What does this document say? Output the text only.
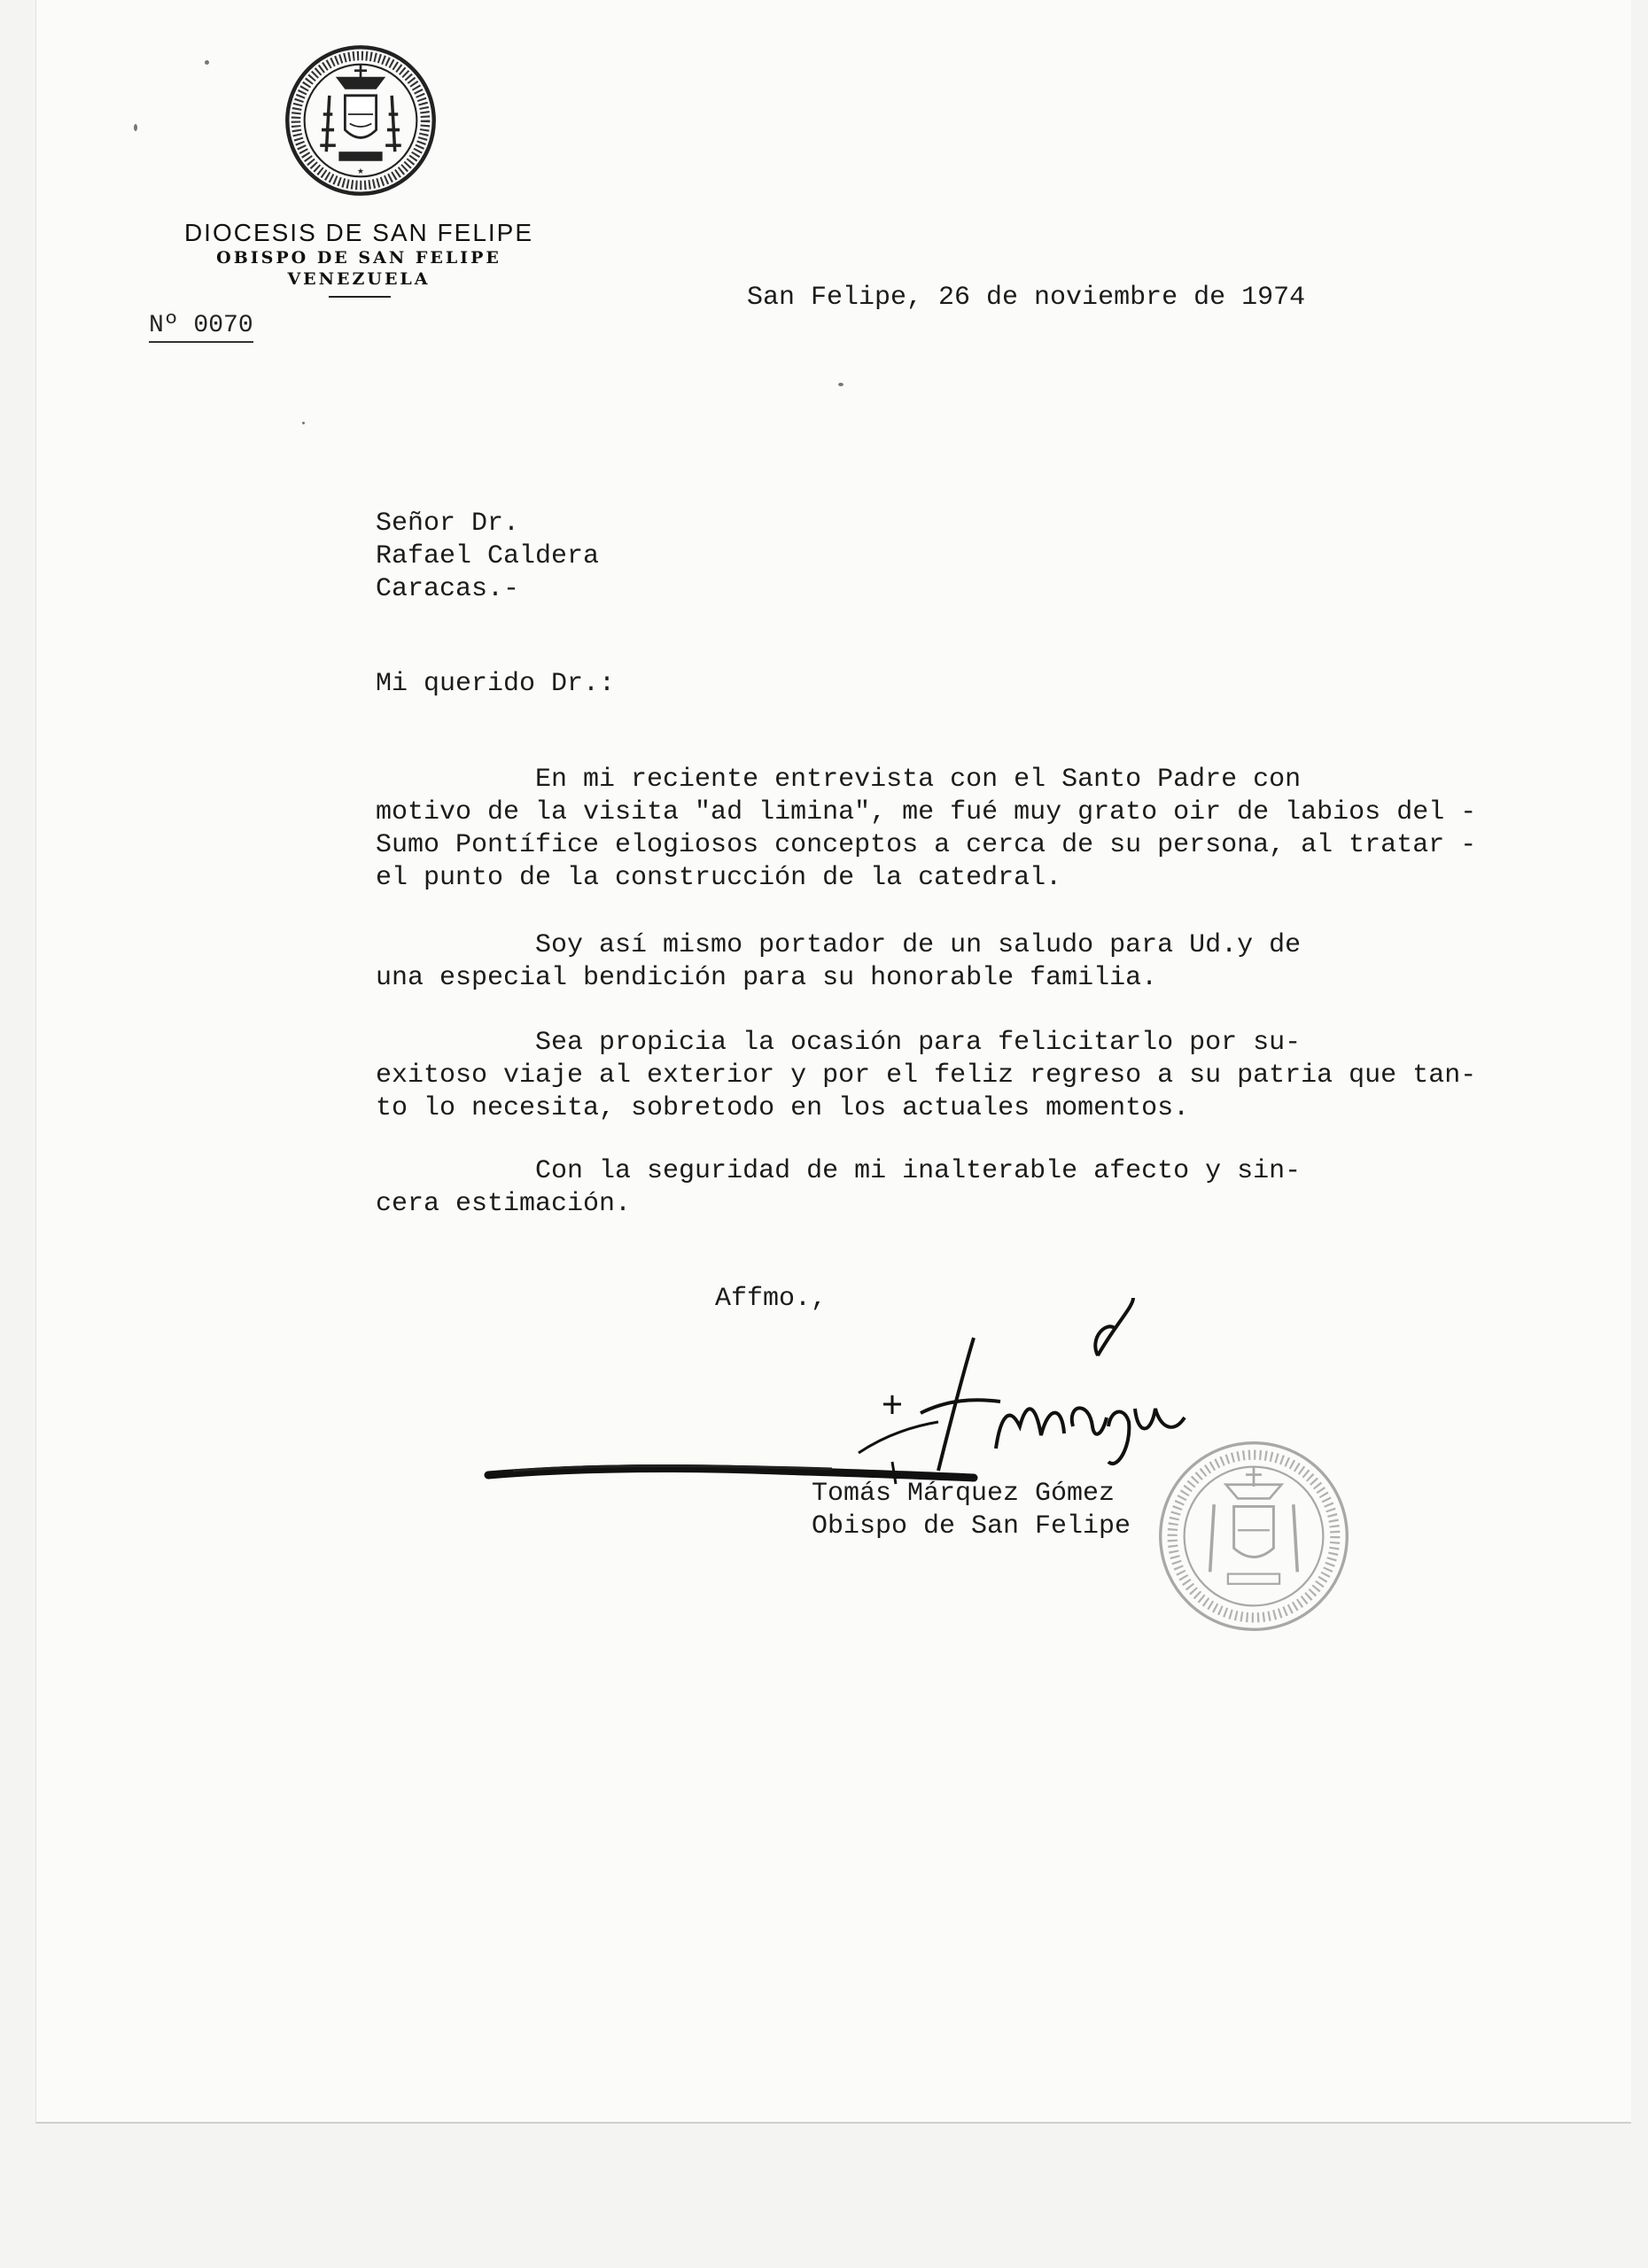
★
DIOCESIS DE SAN FELIPE
OBISPO DE SAN FELIPE
VENEZUELA
Nº 0070
San Felipe, 26 de noviembre de 1974
Señor Dr.
Rafael Caldera
Caracas.-
Mi querido Dr.:
En mi reciente entrevista con el Santo Padre con
motivo de la visita "ad limina", me fué muy grato oir de labios del -
Sumo Pontífice elogiosos conceptos a cerca de su persona, al tratar -
el punto de la construcción de la catedral.
Soy así mismo portador de un saludo para Ud.y de
una especial bendición para su honorable familia.
Sea propicia la ocasión para felicitarlo por su-
exitoso viaje al exterior y por el feliz regreso a su patria que tan-
to lo necesita, sobretodo en los actuales momentos.
Con la seguridad de mi inalterable afecto y sin-
cera estimación.
Affmo.,
Tomás Márquez Gómez
Obispo de San Felipe
